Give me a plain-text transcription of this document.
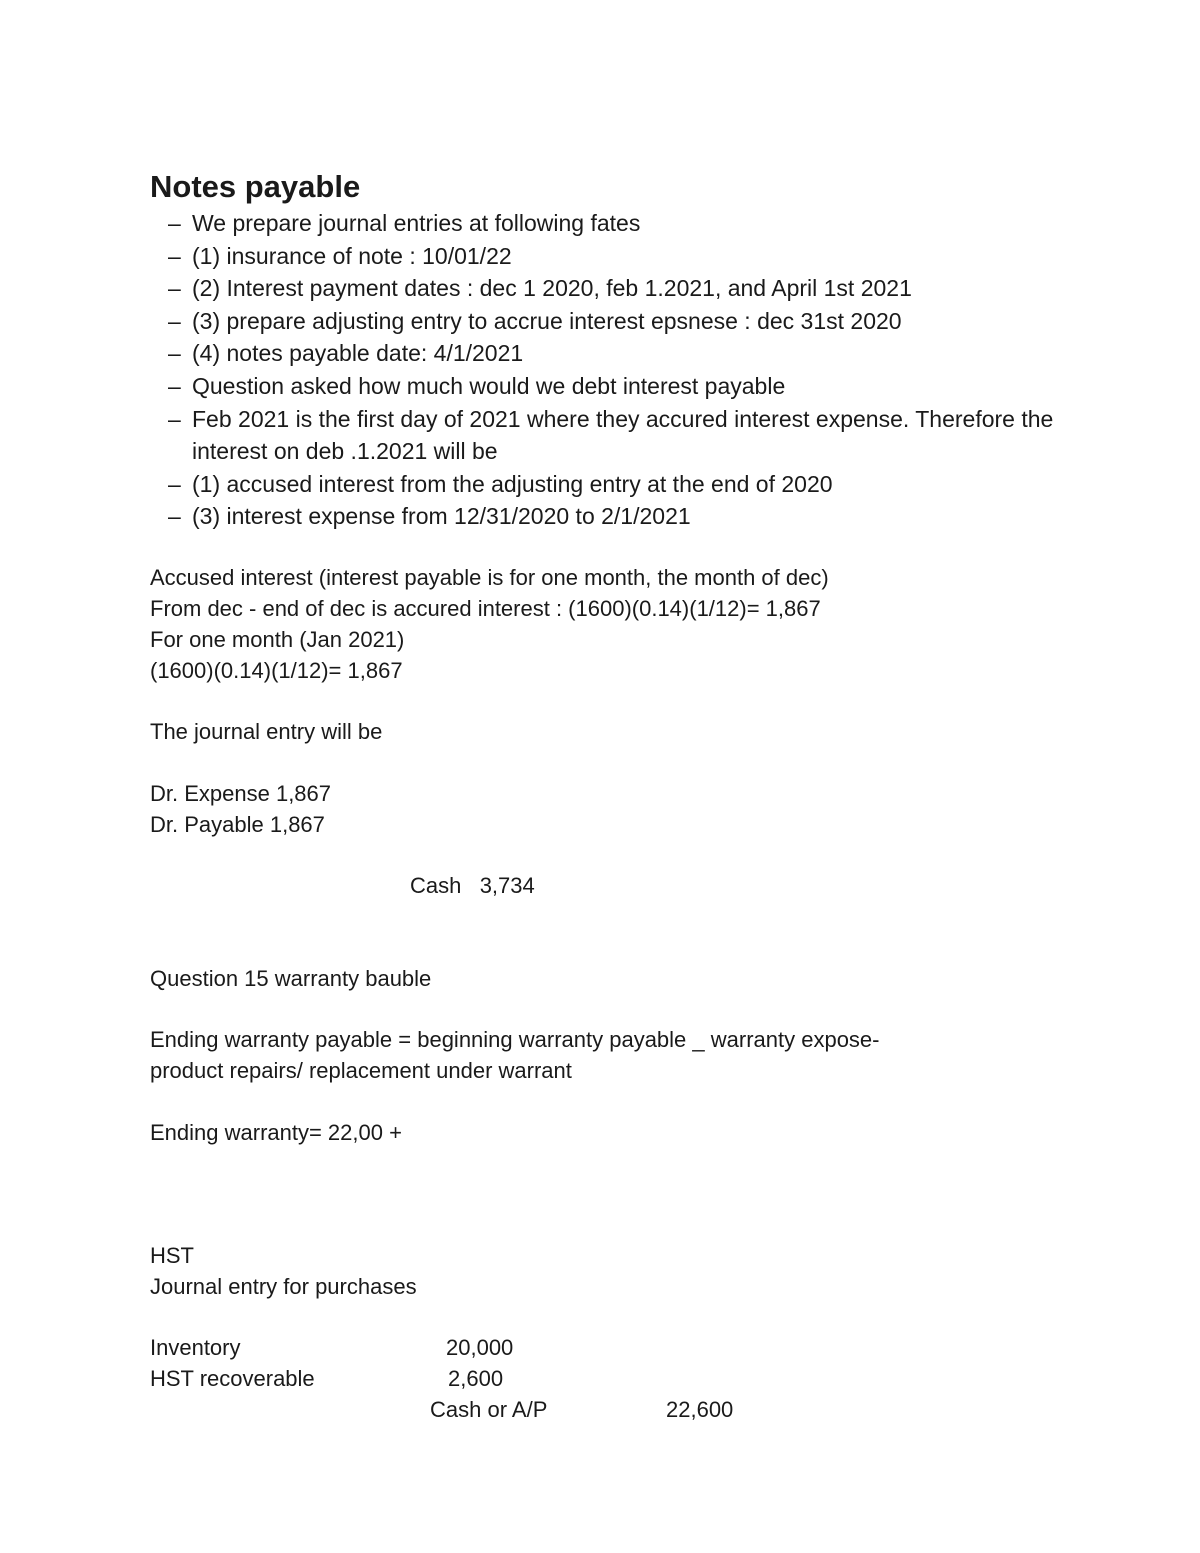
Notes payable
– We prepare journal entries at following fates
– (1) insurance of note : 10/01/22
– (2) Interest payment dates : dec 1 2020, feb 1.2021, and April 1st 2021
– (3) prepare adjusting entry to accrue interest epsnese : dec 31st 2020
– (4) notes payable date: 4/1/2021
– Question asked how much would we debt interest payable
– Feb 2021 is the first day of 2021 where they accured interest expense. Therefore the interest on deb .1.2021 will be
– (1) accused interest from the adjusting entry at the end of 2020
– (3) interest expense from 12/31/2020 to 2/1/2021
Accused interest (interest payable is for one month, the month of dec)
From dec - end of dec is accured interest : (1600)(0.14)(1/12)= 1,867
For one month (Jan 2021)
(1600)(0.14)(1/12)= 1,867
The journal entry will be
Dr. Expense 1,867
Dr. Payable 1,867
Cash   3,734
Question 15 warranty bauble
Ending warranty payable = beginning warranty payable _ warranty expose-
product repairs/ replacement under warrant
Ending warranty= 22,00 +
HST
Journal entry for purchases
Inventory	20,000
HST recoverable	2,600
Cash or A/P	22,600
